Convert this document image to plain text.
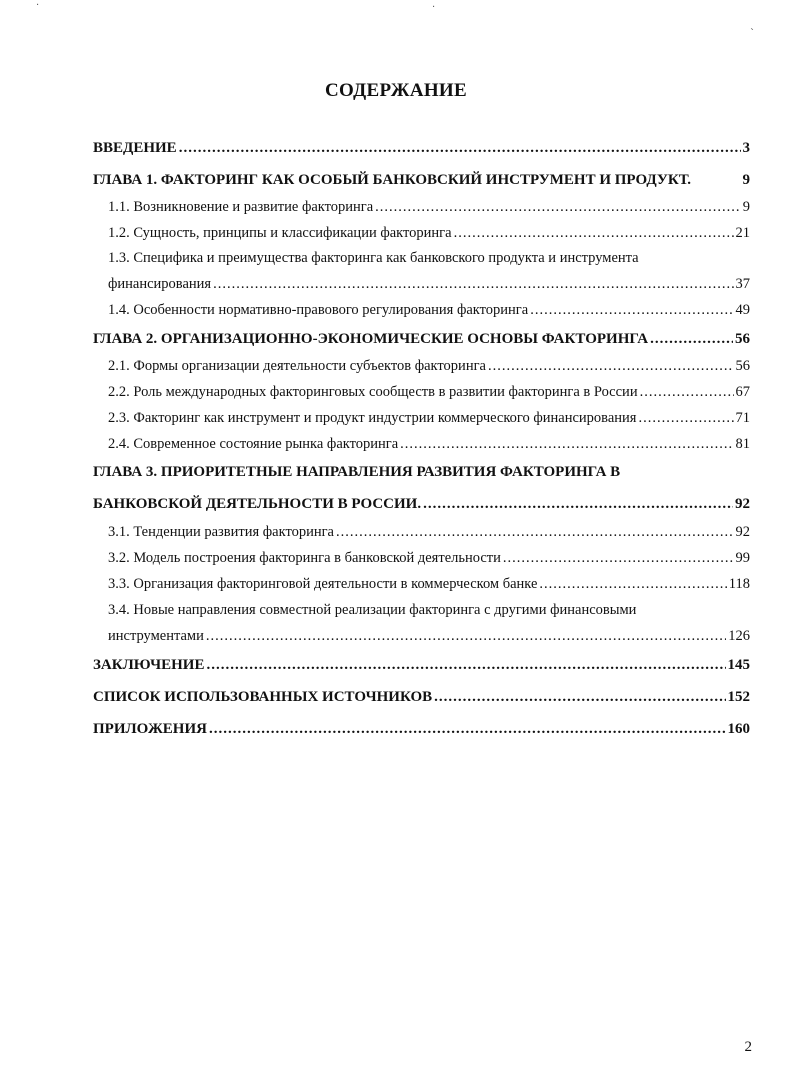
·	·
ˋ
СОДЕРЖАНИЕ
ВВЕДЕНИЕ .....	3
ГЛАВА 1. ФАКТОРИНГ КАК ОСОБЫЙ БАНКОВСКИЙ ИНСТРУМЕНТ И ПРОДУКТ.	9
1.1. Возникновение и развитие факторинга .....	9
1.2. Сущность, принципы и классификации факторинга .....	21
1.3. Специфика и преимущества факторинга как банковского продукта и инструмента
финансирования .....	37
1.4. Особенности нормативно-правового регулирования факторинга .....	49
ГЛАВА 2. ОРГАНИЗАЦИОННО-ЭКОНОМИЧЕСКИЕ ОСНОВЫ ФАКТОРИНГА .....	56
2.1. Формы организации деятельности субъектов факторинга .....	56
2.2. Роль международных факторинговых сообществ в развитии факторинга в России .....	67
2.3. Факторинг как инструмент и продукт индустрии коммерческого финансирования .....	71
2.4. Современное состояние рынка факторинга .....	81
ГЛАВА 3. ПРИОРИТЕТНЫЕ НАПРАВЛЕНИЯ РАЗВИТИЯ ФАКТОРИНГА В
БАНКОВСКОЙ ДЕЯТЕЛЬНОСТИ В РОССИИ. .....	92
3.1. Тенденции развития факторинга .....	92
3.2. Модель построения факторинга в банковской деятельности .....	99
3.3. Организация факторинговой деятельности в коммерческом банке .....	118
3.4. Новые направления совместной реализации факторинга с другими финансовыми
инструментами .....	126
ЗАКЛЮЧЕНИЕ .....	145
СПИСОК ИСПОЛЬЗОВАННЫХ ИСТОЧНИКОВ .....	152
ПРИЛОЖЕНИЯ .....	160
2
